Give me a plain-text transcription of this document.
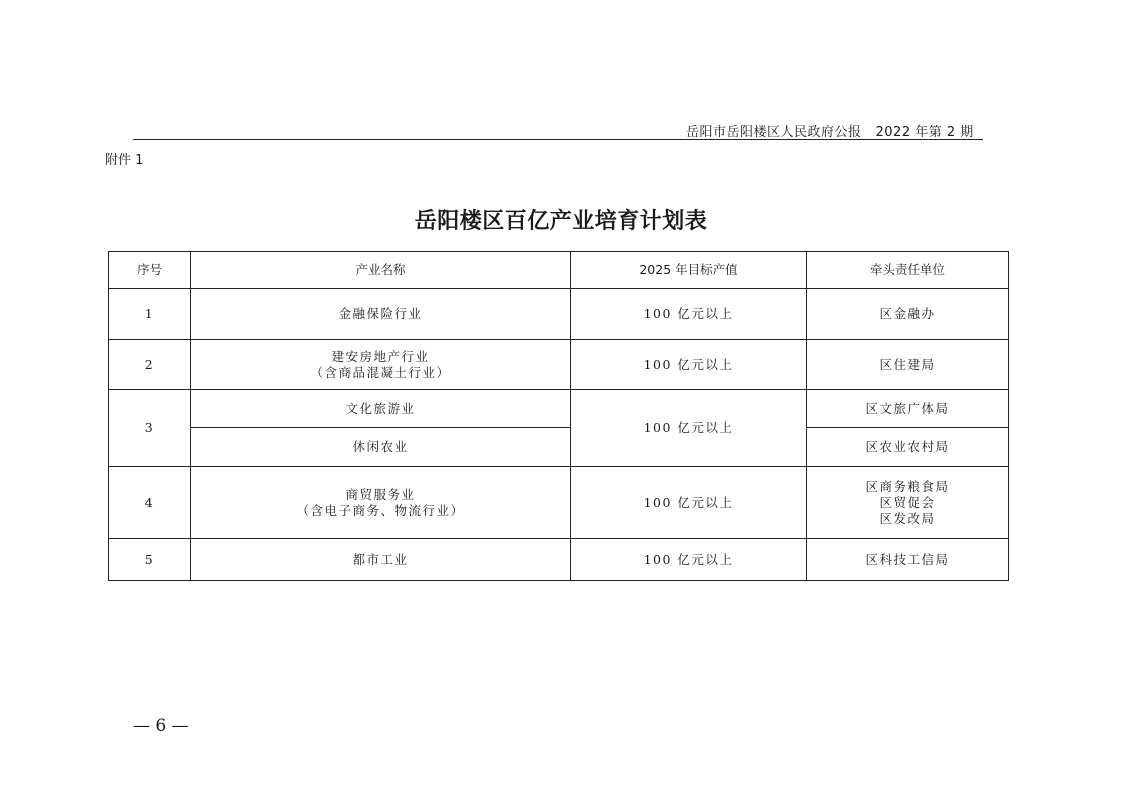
岳阳市岳阳楼区人民政府公报 2022 年第 2 期
附件 1
岳阳楼区百亿产业培育计划表
序号	产业名称	2025 年目标产值	牵头责任单位
1	金融保险行业	100 亿元以上	区金融办

2	建安房地产行业
（含商品混凝土行业）	100 亿元以上	区住建局

3	文化旅游业	100 亿元以上	区文旅广体局
	休闲农业		区农业农村局
4	商贸服务业
（含电子商务、物流行业）	100 亿元以上	区商务粮食局
区贸促会
区发改局

5	都市工业	100 亿元以上	区科技工信局
— 6 —
